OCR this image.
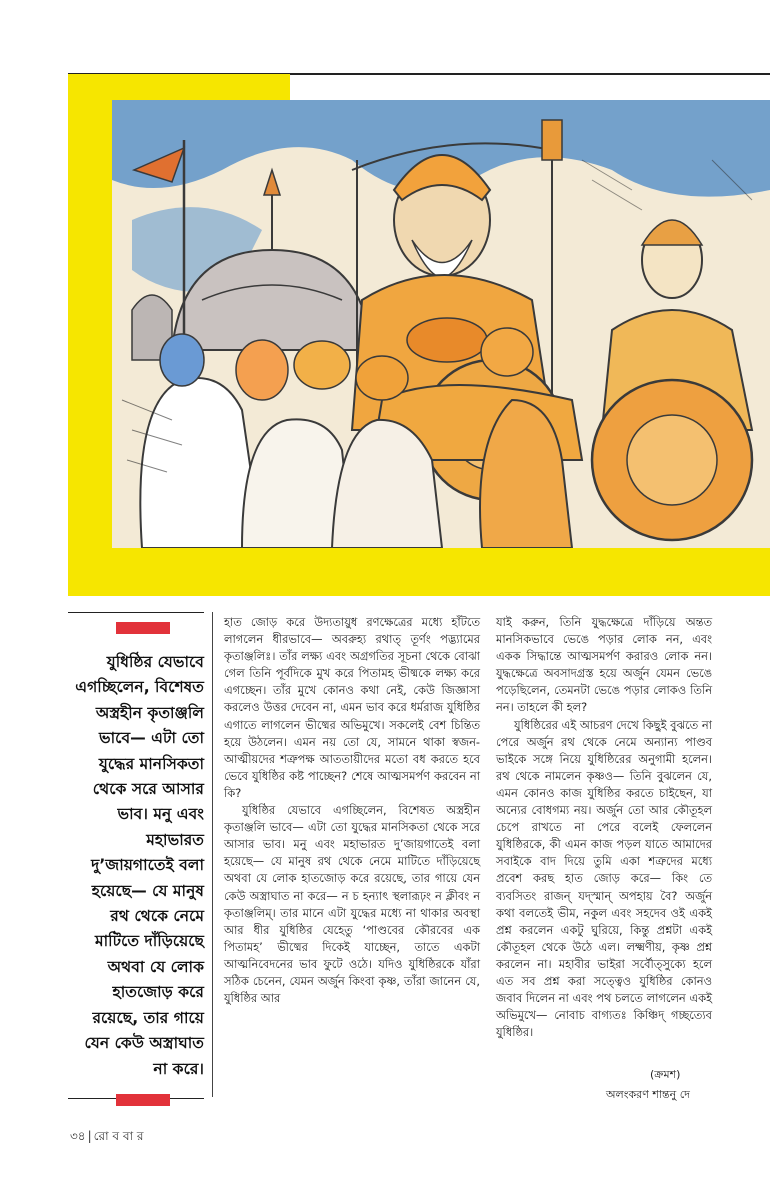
যুধিষ্ঠির যেভাবে এগচ্ছিলেন, বিশেষত অস্ত্রহীন কৃতাঞ্জলি ভাবে— এটা তো যুদ্ধের মানসিকতা থেকে সরে আসার ভাব। মনু এবং মহাভারত দু’জায়গাতেই বলা হয়েছে— যে মানুষ রথ থেকে নেমে মাটিতে দাঁড়িয়েছে অথবা যে লোক হাতজোড় করে রয়েছে, তার গায়ে যেন কেউ অস্ত্রাঘাত না করে।

হাত জোড় করে উদ্যতায়ুধ রণক্ষেত্রের মধ্যে হাঁটতে লাগলেন ধীরভাবে— অবরুহ্য রথাত্‌ তূর্ণং পদ্ভ্যামের কৃতাঞ্জলিঃ। তাঁর লক্ষ্য এবং অগ্রগতির সূচনা থেকে বোঝা গেল তিনি পূর্বদিকে মুখ করে পিতামহ ভীষ্মকে লক্ষ্য করে এগচ্ছেন। তাঁর মুখে কোনও কথা নেই, কেউ জিজ্ঞাসা করলেও উত্তর দেবেন না, এমন ভাব করে ধর্মরাজ যুধিষ্ঠির এগাতে লাগলেন ভীষ্মের অভিমুখে। সকলেই বেশ চিন্তিত হয়ে উঠলেন। এমন নয় তো যে, সামনে থাকা স্বজন-আত্মীয়দের শত্রুপক্ষ আততায়ীদের মতো বধ করতে হবে ভেবে যুধিষ্ঠির কষ্ট পাচ্ছেন? শেষে আত্মসমর্পণ করবেন না কি?

যুধিষ্ঠির যেভাবে এগচ্ছিলেন, বিশেষত অস্ত্রহীন কৃতাঞ্জলি ভাবে— এটা তো যুদ্ধের মানসিকতা থেকে সরে আসার ভাব। মনু এবং মহাভারত দু’জায়গাতেই বলা হয়েছে— যে মানুষ রথ থেকে নেমে মাটিতে দাঁড়িয়েছে অথবা যে লোক হাতজোড় করে রয়েছে, তার গায়ে যেন কেউ অস্ত্রাঘাত না করে— ন চ হন্যাৎ স্থলারূঢ়ং ন ক্লীবং ন কৃতাঞ্জলিম্‌। তার মানে এটা যুদ্ধের মধ্যে না থাকার অবস্থা আর ধীর যুধিষ্ঠির যেহেতু ‘পাণ্ডবের কৌরবের এক পিতামহ’ ভীষ্মের দিকেই যাচ্ছেন, তাতে একটা আত্মনিবেদনের ভাব ফুটে ওঠে। যদিও যুধিষ্ঠিরকে যাঁরা সঠিক চেনেন, যেমন অর্জুন কিংবা কৃষ্ণ, তাঁরা জানেন যে, যুধিষ্ঠির আর

যাই করুন, তিনি যুদ্ধক্ষেত্রে দাঁড়িয়ে অন্তত মানসিকভাবে ভেঙে পড়ার লোক নন, এবং একক সিদ্ধান্তে আত্মসমর্পণ করারও লোক নন। যুদ্ধক্ষেত্রে অবসাদগ্রস্ত হয়ে অর্জুন যেমন ভেঙে পড়েছিলেন, তেমনটা ভেঙে পড়ার লোকও তিনি নন। তাহলে কী হল?

যুধিষ্ঠিরের এই আচরণ দেখে কিছুই বুঝতে না পেরে অর্জুন রথ থেকে নেমে অন্যান্য পাণ্ডব ভাইকে সঙ্গে নিয়ে যুধিষ্ঠিরের অনুগামী হলেন। রথ থেকে নামলেন কৃষ্ণও— তিনি বুঝলেন যে, এমন কোনও কাজ যুধিষ্ঠির করতে চাইছেন, যা অন্যের বোধগম্য নয়। অর্জুন তো আর কৌতূহল চেপে রাখতে না পেরে বলেই ফেললেন যুধিষ্ঠিরকে, কী এমন কাজ পড়ল যাতে আমাদের সবাইকে বাদ দিয়ে তুমি একা শত্রুদের মধ্যে প্রবেশ করছ হাত জোড় করে— কিং তে ব্যবসিতং রাজন্‌ যদ্‌স্মান্‌ অপহায় বৈ? অর্জুন কথা বলতেই ভীম, নকুল এবং সহদেব ওই একই প্রশ্ন করলেন একটু ঘুরিয়ে, কিন্তু প্রশ্নটা একই কৌতূহল থেকে উঠে এল। লক্ষ্মণীয়, কৃষ্ণ প্রশ্ন করলেন না। মহাবীর ভাইরা সর্বৌত্সুক্যে হলে এত সব প্রশ্ন করা সত্ত্বেও যুধিষ্ঠির কোনও জবাব দিলেন না এবং পথ চলতে লাগলেন একই অভিমুখে— নোবাচ বাগ্যতঃ কিঞ্চিদ্‌ গচ্ছত্যেব যুধিষ্ঠির।

(ক্রমশ)
অলংকরণ শান্তনু দে
৩৪ | রো ব বা র
